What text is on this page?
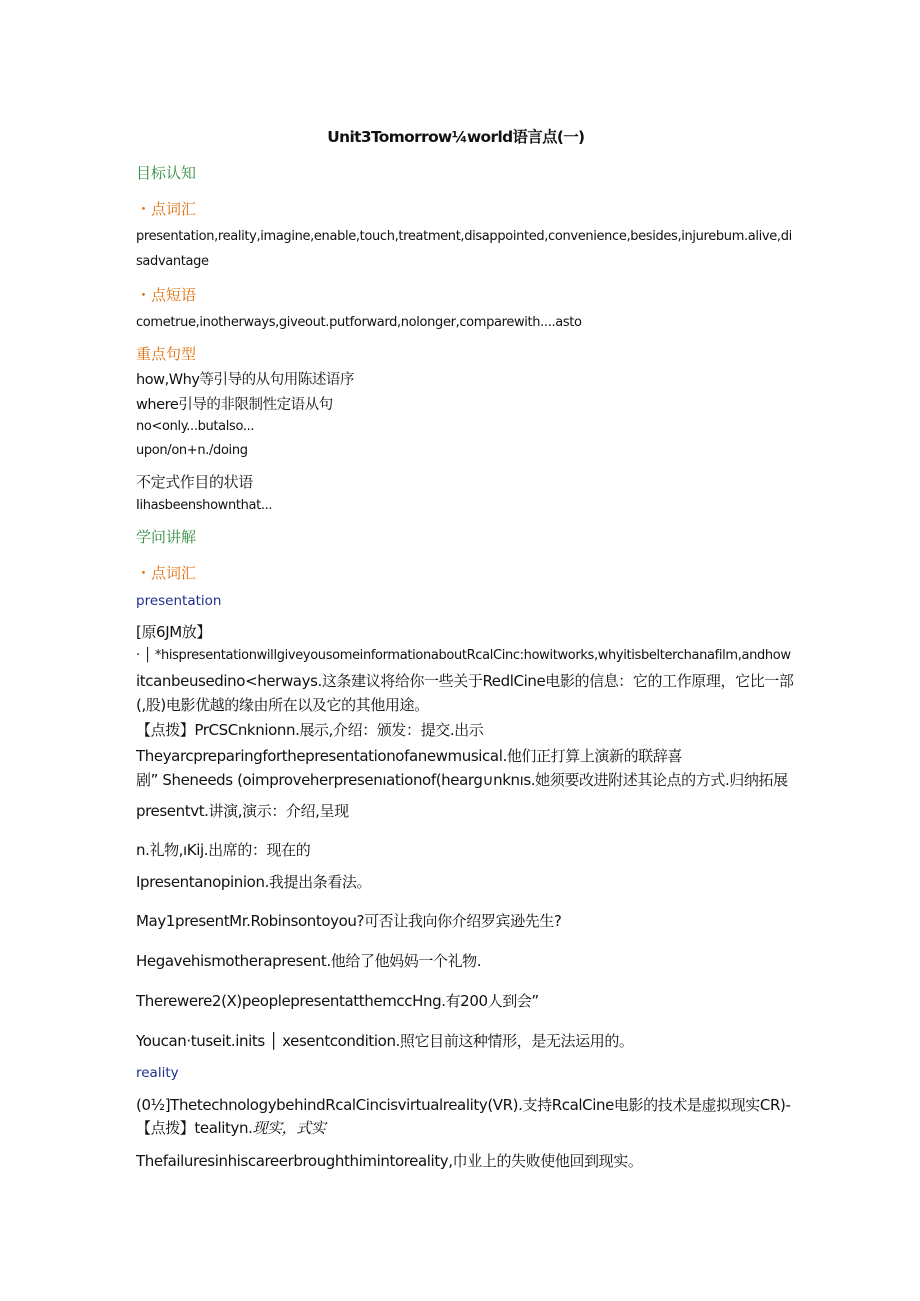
Unit3Tomorrow¼world语言点(一)
目标认知
・点词汇
presentation,reality,imagine,enable,touch,treatment,disappointed,convenience,besides,injurebum.alive,di
sadvantage
・点短语
cometrue,inotherways,giveout.putforward,nolonger,comparewith....asto
重点句型
how,Why等引导的从句用陈述语序
where引导的非限制性定语从句
no<only...butalso...
upon/on+n./doing
不定式作目的状语
Iihasbeenshownthat...
学问讲解
・点词汇
presentation
[原6JM放】
· │ *hispresentationwillgiveyousomeinformationaboutRcalCinc:howitworks,whyitisbelterchanafilm,andhow
itcanbeusedino<herways.这条建议将给你一些关于RedlCine电影的信息：它的工作原理，它比一部
(,股)电影优越的缘由所在以及它的其他用途。
【点拨】PrCSCnknionn.展示,介绍：颁发：提交.出示
Theyarcpreparingforthepresentationofanewmusical.他们正打算上演新的联辞喜
剧” Sheneeds (oimproveherpresenıationof(hearg∪nknıs.她须要改进附述其论点的方式.归纳拓展
presentvt.讲演,演示：介绍,呈现
n.礼物,ıKij.出席的：现在的
Ipresentanopinion.我提出条看法。
May1presentMr.Robinsontoyou?可否让我向你介绍罗宾逊先生?
Hegavehismotherapresent.他给了他妈妈一个礼物.
Therewere2(X)peoplepresentatthemccHng.有200人到会”
Youcan·tuseit.inits │ xesentcondition.照它目前这种情形，是无法运用的。
reality
(0½]ThetechnologybehindRcalCincisvirtualreality(VR).支持RcalCine电影的技术是虚拟现实CR)-
【点拨】tealityn.现实，式实
Thefailuresinhiscareerbroughthimintoreality,巾业上的失败使他回到现实。
